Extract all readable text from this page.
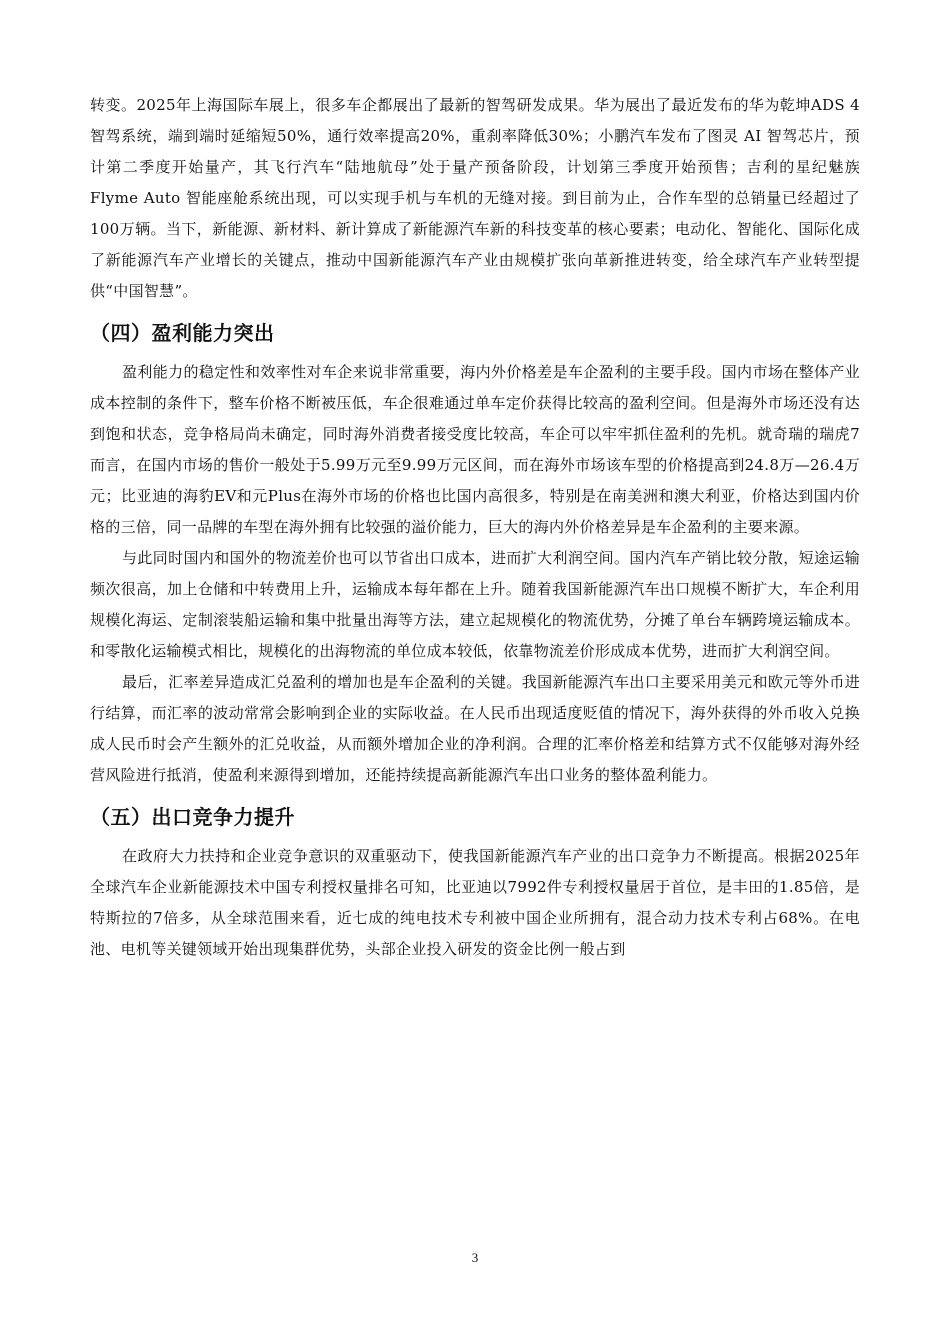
转变。2025年上海国际车展上，很多车企都展出了最新的智驾研发成果。华为展出了最近发布的华为乾坤ADS 4 智驾系统，端到端时延缩短50%，通行效率提高20%，重刹率降低30%；小鹏汽车发布了图灵 AI 智驾芯片，预计第二季度开始量产，其飞行汽车“陆地航母”处于量产预备阶段，计划第三季度开始预售；吉利的星纪魅族 Flyme Auto 智能座舱系统出现，可以实现手机与车机的无缝对接。到目前为止，合作车型的总销量已经超过了100万辆。当下，新能源、新材料、新计算成了新能源汽车新的科技变革的核心要素；电动化、智能化、国际化成了新能源汽车产业增长的关键点，推动中国新能源汽车产业由规模扩张向革新推进转变，给全球汽车产业转型提供“中国智慧”。

（四）盈利能力突出

盈利能力的稳定性和效率性对车企来说非常重要，海内外价格差是车企盈利的主要手段。国内市场在整体产业成本控制的条件下，整车价格不断被压低，车企很难通过单车定价获得比较高的盈利空间。但是海外市场还没有达到饱和状态，竞争格局尚未确定，同时海外消费者接受度比较高，车企可以牢牢抓住盈利的先机。就奇瑞的瑞虎7而言，在国内市场的售价一般处于5.99万元至9.99万元区间，而在海外市场该车型的价格提高到24.8万—26.4万元；比亚迪的海豹EV和元Plus在海外市场的价格也比国内高很多，特别是在南美洲和澳大利亚，价格达到国内价格的三倍，同一品牌的车型在海外拥有比较强的溢价能力，巨大的海内外价格差异是车企盈利的主要来源。

与此同时国内和国外的物流差价也可以节省出口成本，进而扩大利润空间。国内汽车产销比较分散，短途运输频次很高，加上仓储和中转费用上升，运输成本每年都在上升。随着我国新能源汽车出口规模不断扩大，车企利用规模化海运、定制滚装船运输和集中批量出海等方法，建立起规模化的物流优势，分摊了单台车辆跨境运输成本。和零散化运输模式相比，规模化的出海物流的单位成本较低，依靠物流差价形成成本优势，进而扩大利润空间。

最后，汇率差异造成汇兑盈利的增加也是车企盈利的关键。我国新能源汽车出口主要采用美元和欧元等外币进行结算，而汇率的波动常常会影响到企业的实际收益。在人民币出现适度贬值的情况下，海外获得的外币收入兑换成人民币时会产生额外的汇兑收益，从而额外增加企业的净利润。合理的汇率价格差和结算方式不仅能够对海外经营风险进行抵消，使盈利来源得到增加，还能持续提高新能源汽车出口业务的整体盈利能力。

（五）出口竞争力提升

在政府大力扶持和企业竞争意识的双重驱动下，使我国新能源汽车产业的出口竞争力不断提高。根据2025年全球汽车企业新能源技术中国专利授权量排名可知，比亚迪以7992件专利授权量居于首位，是丰田的1.85倍，是特斯拉的7倍多，从全球范围来看，近七成的纯电技术专利被中国企业所拥有，混合动力技术专利占68%。在电池、电机等关键领域开始出现集群优势，头部企业投入研发的资金比例一般占到

3
